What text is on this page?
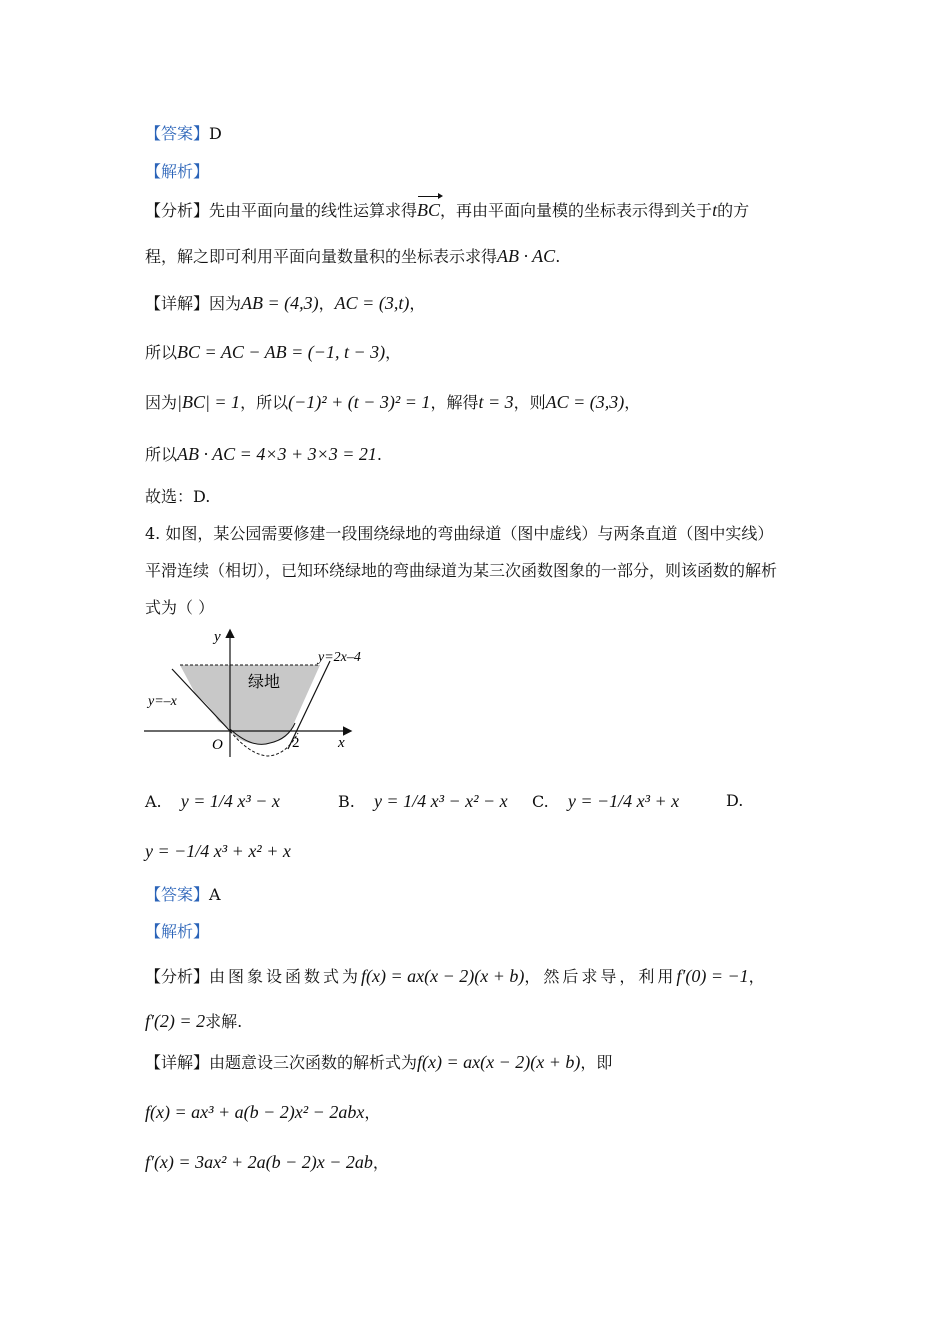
【答案】D
【解析】
【分析】先由平面向量的线性运算求得BC，再由平面向量模的坐标表示得到关于t的方
程，解之即可利用平面向量数量积的坐标表示求得AB · AC.
【详解】因为AB = (4,3)，AC = (3,t)，
所以BC = AC − AB = (−1, t − 3)，
因为|BC| = 1，所以(−1)² + (t − 3)² = 1，解得t = 3，则AC = (3,3)，
所以AB · AC = 4×3 + 3×3 = 21.
故选：D.
4. 如图，某公园需要修建一段围绕绿地的弯曲绿道（图中虚线）与两条直道（图中实线）
平滑连续（相切），已知环绕绿地的弯曲绿道为某三次函数图象的一部分，则该函数的解析
式为（ ）
y
x
O	2
y=2x–4
y=–x
绿地
A. y = 1/4 x³ − x	B. y = 1/4 x³ − x² − x C. y = −1/4 x³ + x	D.
y = −1/4 x³ + x² + x
【答案】A
【解析】
【分析】由图象设函数式为f(x) = ax(x − 2)(x + b)，然后求导，利用f′(0) = −1，
f′(2) = 2求解.
【详解】由题意设三次函数的解析式为f(x) = ax(x − 2)(x + b)，即
f(x) = ax³ + a(b − 2)x² − 2abx，
f′(x) = 3ax² + 2a(b − 2)x − 2ab，
